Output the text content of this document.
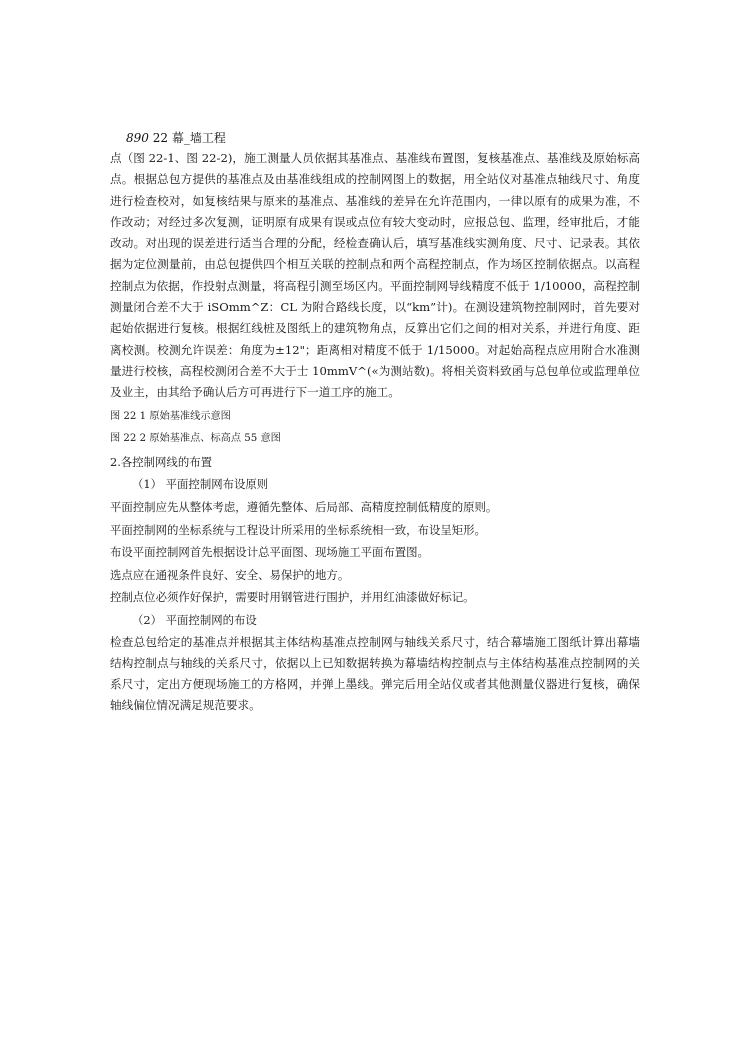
890 22 幕_墙工程

点（图 22-1、图 22-2)，施工测量人员依据其基准点、基准线布置图，复核基准点、基准线及原始标高点。根据总包方提供的基准点及由基准线组成的控制网图上的数据，用全站仪对基准点轴线尺寸、角度进行检查校对，如复核结果与原来的基准点、基准线的差异在允许范围内，一律以原有的成果为准，不作改动；对经过多次复测，证明原有成果有误或点位有较大变动时，应报总包、监理，经审批后，才能改动。对出现的误差进行适当合理的分配，经检查确认后，填写基准线实测角度、尺寸、记录表。其依据为定位测量前，由总包提供四个相互关联的控制点和两个高程控制点，作为场区控制依据点。以高程控制点为依据，作投射点测量，将高程引测至场区内。平面控制网导线精度不低于 1/10000，高程控制测量闭合差不大于 iSOmm^Z：CL 为附合路线长度，以“km”计)。在测设建筑物控制网时，首先要对起始依据进行复核。根据红线桩及图纸上的建筑物角点，反算出它们之间的相对关系，并进行角度、距离校测。校测允许误差：角度为±12"；距离相对精度不低于 1/15000。对起始高程点应用附合水准测量进行校核，高程校测闭合差不大于士 10mmV^(«为测站数)。将相关资料致函与总包单位或监理单位及业主，由其给予确认后方可再进行下一道工序的施工。

图 22 1 原始基准线示意图

图 22 2 原始基准点、标高点 55 意图

2.各控制网线的布置

（1） 平面控制网布设原则

平面控制应先从整体考虑，遵循先整体、后局部、高精度控制低精度的原则。

平面控制网的坐标系统与工程设计所采用的坐标系统相一致，布设呈矩形。

布设平面控制网首先根据设计总平面图、现场施工平面布置图。

选点应在通视条件良好、安全、易保护的地方。

控制点位必须作好保护，需要时用钢管进行围护，并用红油漆做好标记。

（2） 平面控制网的布设

检查总包给定的基准点并根据其主体结构基准点控制网与轴线关系尺寸，结合幕墙施工图纸计算出幕墙结构控制点与轴线的关系尺寸，依据以上已知数据转换为幕墙结构控制点与主体结构基准点控制网的关系尺寸，定出方便现场施工的方格网，并弹上墨线。弹完后用全站仪或者其他测量仪器进行复核，确保轴线偏位情况满足规范要求。
